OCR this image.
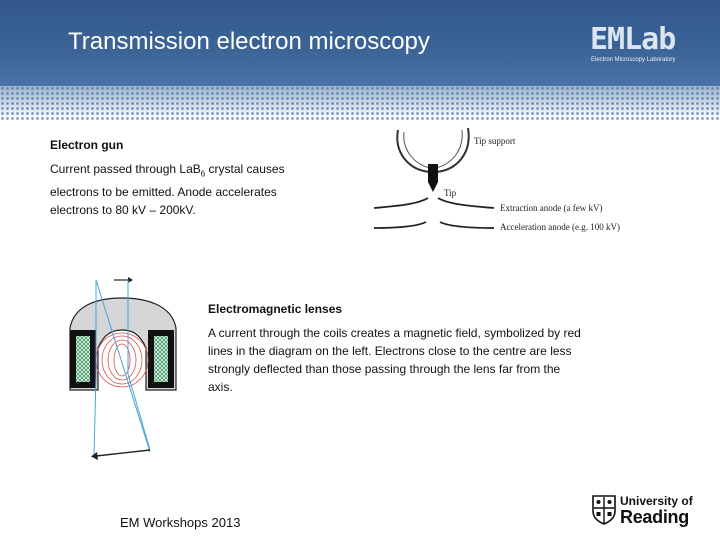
Transmission electron microscopy	EMLab
Electron Microscopy Laboratory
Electron gun
Current passed through LaB$_6$ crystal causes electrons to be emitted. Anode accelerates electrons to 80 kV – 200kV.
Tip support
Tip
Extraction anode (a few kV)
Acceleration anode (e.g. 100 kV)
Electromagnetic lenses
A current through the coils creates a magnetic field, symbolized by red lines in the diagram on the left. Electrons close to the centre are less strongly deflected than those passing through the lens far from the axis.
EM Workshops 2013
University of
Reading
